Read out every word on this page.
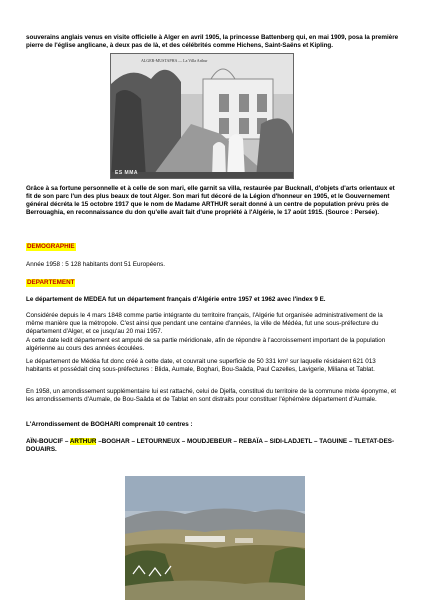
souverains anglais venus en visite officielle à Alger en avril 1905, la princesse Battenberg qui, en mai 1909, posa la première pierre de l'église anglicane, à deux pas de là, et des célébrités comme Hichens, Saint-Saëns et Kipling.
ALGER-MUSTAPHA — La Villa Arthur
ES MMA
Grâce à sa fortune personnelle et à celle de son mari, elle garnit sa villa, restaurée par Bucknall, d'objets d'arts orientaux et fit de son parc l'un des plus beaux de tout Alger. Son mari fut décoré de la Légion d'honneur en 1905, et le Gouvernement général décréta le 15 octobre 1917 que le nom de Madame ARTHUR serait donné à un centre de population prévu près de Berrouaghia, en reconnaissance du don qu'elle avait fait d'une propriété à l'Algérie, le 17 août 1915. (Source : Persée).
DEMOGRAPHIE
Année 1958 : 5 128 habitants dont 51 Européens.
DEPARTEMENT
Le département de MEDEA fut un département français d'Algérie entre 1957 et 1962 avec l'index 9 E.
Considérée depuis le 4 mars 1848 comme partie intégrante du territoire français, l'Algérie fut organisée administrativement de la même manière que la métropole. C'est ainsi que pendant une centaine d'années, la ville de Médéa, fut une sous-préfecture du département d'Alger, et ce jusqu'au 20 mai 1957.
A cette date ledit département est amputé de sa partie méridionale, afin de répondre à l'accroissement important de la population algérienne au cours des années écoulées.
Le département de Médéa fut donc créé à cette date, et couvrait une superficie de 50 331 km² sur laquelle résidaient 621 013 habitants et possédait cinq sous-préfectures : Blida, Aumale, Boghari, Bou-Saâda, Paul Cazelles, Lavigerie, Miliana et Tablat.
En 1958, un arrondissement supplémentaire lui est rattaché, celui de Djelfa, constitué du territoire de la commune mixte éponyme, et les arrondissements d'Aumale, de Bou-Saâda et de Tablat en sont distraits pour constituer l'éphémère département d'Aumale.
L'Arrondissement de BOGHARI comprenait 10 centres :
AÏN-BOUCIF – ARTHUR –BOGHAR – LETOURNEUX – MOUDJEBEUR – REBAÏA – SIDI-LADJETL – TAGUINE – TLETAT-DES-DOUAIRS.
